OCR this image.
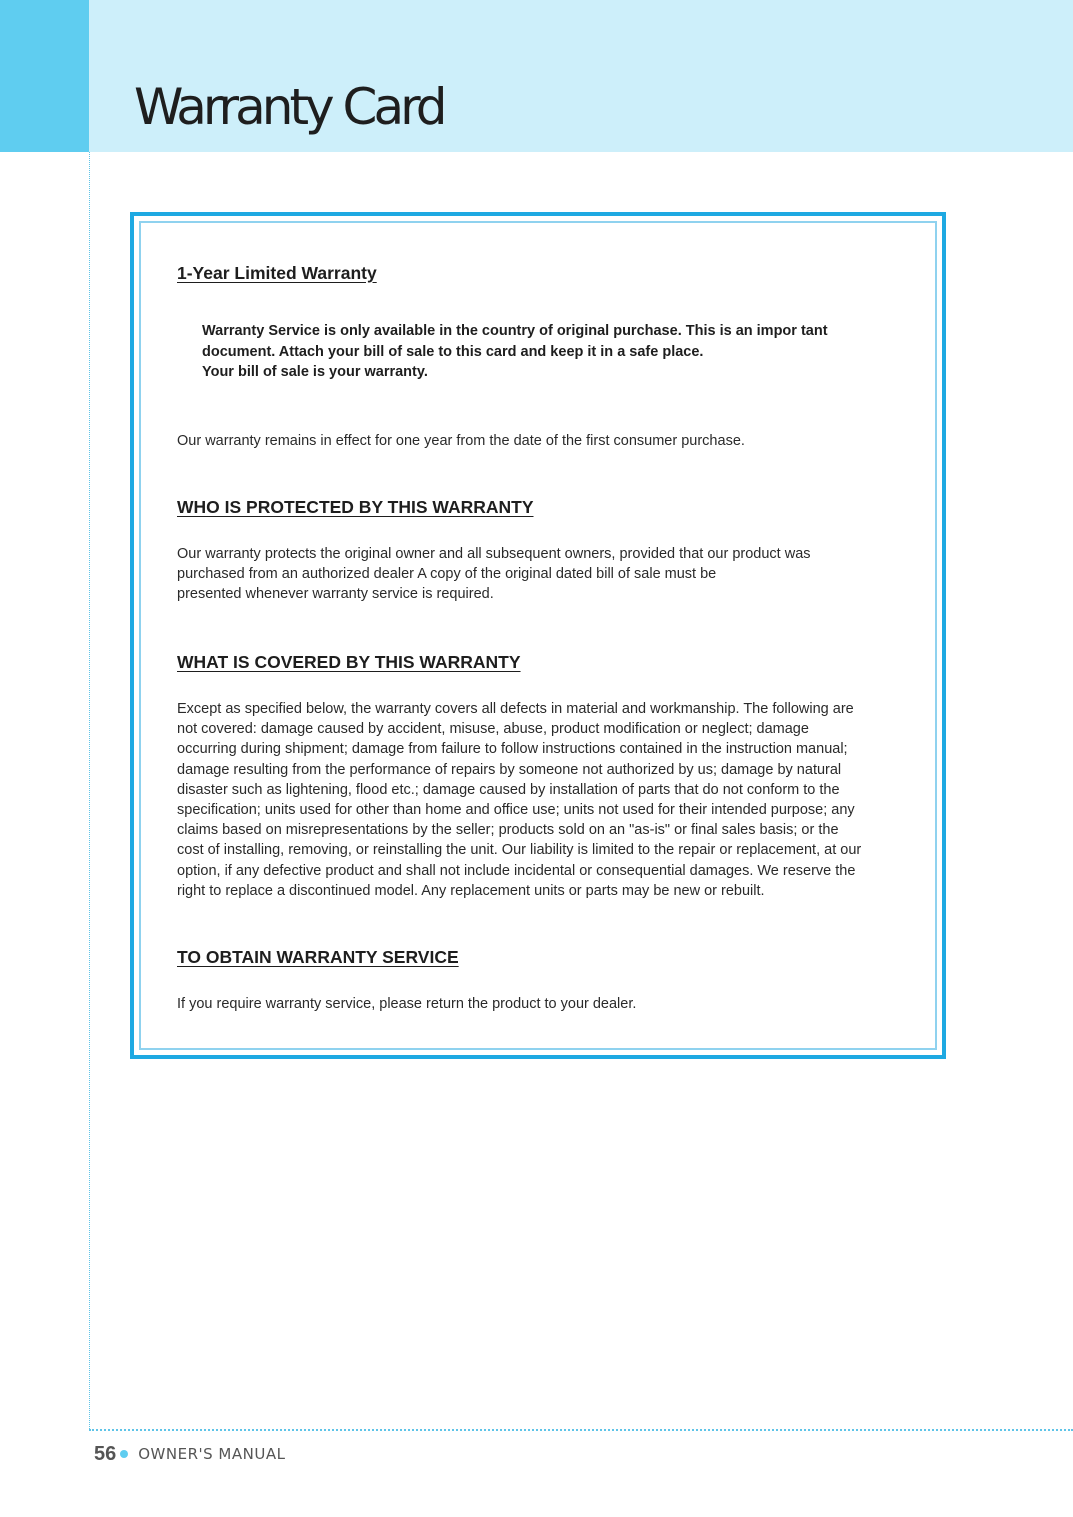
Warranty Card
1-Year Limited Warranty

Warranty Service is only available in the country of original purchase. This is an impor tant
document. Attach your bill of sale to this card and keep it in a safe place.
Your bill of sale is your warranty.

Our warranty remains in effect for one year from the date of the first consumer purchase.

WHO IS PROTECTED BY THIS WARRANTY

Our warranty protects the original owner and all subsequent owners, provided that our product was
purchased from an authorized dealer A copy of the original dated bill of sale must be
presented whenever warranty service is required.

WHAT IS COVERED BY THIS WARRANTY

Except as specified below, the warranty covers all defects in material and workmanship. The following are
not covered: damage caused by accident, misuse, abuse, product modification or neglect; damage
occurring during shipment; damage from failure to follow instructions contained in the instruction manual;
damage resulting from the performance of repairs by someone not authorized by us; damage by natural
disaster such as lightening, flood etc.; damage caused by installation of parts that do not conform to the
specification; units used for other than home and office use; units not used for their intended purpose; any
claims based on misrepresentations by the seller; products sold on an "as-is" or final sales basis; or the
cost of installing, removing, or reinstalling the unit. Our liability is limited to the repair or replacement, at our
option, if any defective product and shall not include incidental or consequential damages. We reserve the
right to replace a discontinued model. Any replacement units or parts may be new or rebuilt.

TO OBTAIN WARRANTY SERVICE

If you require warranty service, please return the product to your dealer.

56 OWNER'S MANUAL
